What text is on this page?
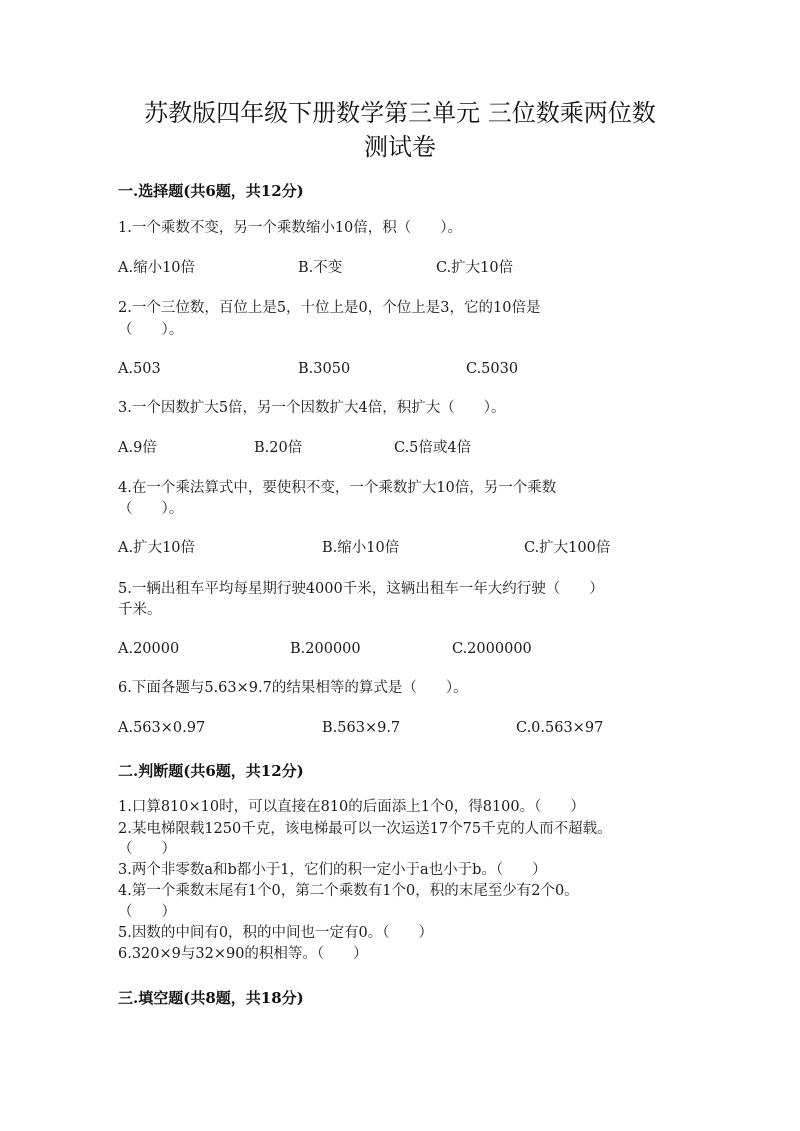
苏教版四年级下册数学第三单元 三位数乘两位数
测试卷
一.选择题(共6题，共12分)
1.一个乘数不变，另一个乘数缩小10倍，积（　　）。
A.缩小10倍	B.不变	C.扩大10倍
2.一个三位数，百位上是5，十位上是0，个位上是3，它的10倍是
（　　）。
A.503	B.3050	C.5030
3.一个因数扩大5倍，另一个因数扩大4倍，积扩大（　　）。
A.9倍	B.20倍	C.5倍或4倍
4.在一个乘法算式中，要使积不变，一个乘数扩大10倍，另一个乘数
（　　）。
A.扩大10倍	B.缩小10倍	C.扩大100倍
5.一辆出租车平均每星期行驶4000千米，这辆出租车一年大约行驶（　　）
千米。
A.20000	B.200000	C.2000000
6.下面各题与5.63×9.7的结果相等的算式是（　　）。
A.563×0.97	B.563×9.7	C.0.563×97
二.判断题(共6题，共12分)
1.口算810×10时，可以直接在810的后面添上1个0，得8100。（　　）
2.某电梯限载1250千克，该电梯最可以一次运送17个75千克的人而不超载。
（　　）
3.两个非零数a和b都小于1，它们的积一定小于a也小于b。（　　）
4.第一个乘数末尾有1个0，第二个乘数有1个0，积的末尾至少有2个0。
（　　）
5.因数的中间有0，积的中间也一定有0。（　　）
6.320×9与32×90的积相等。（　　）
三.填空题(共8题，共18分)
